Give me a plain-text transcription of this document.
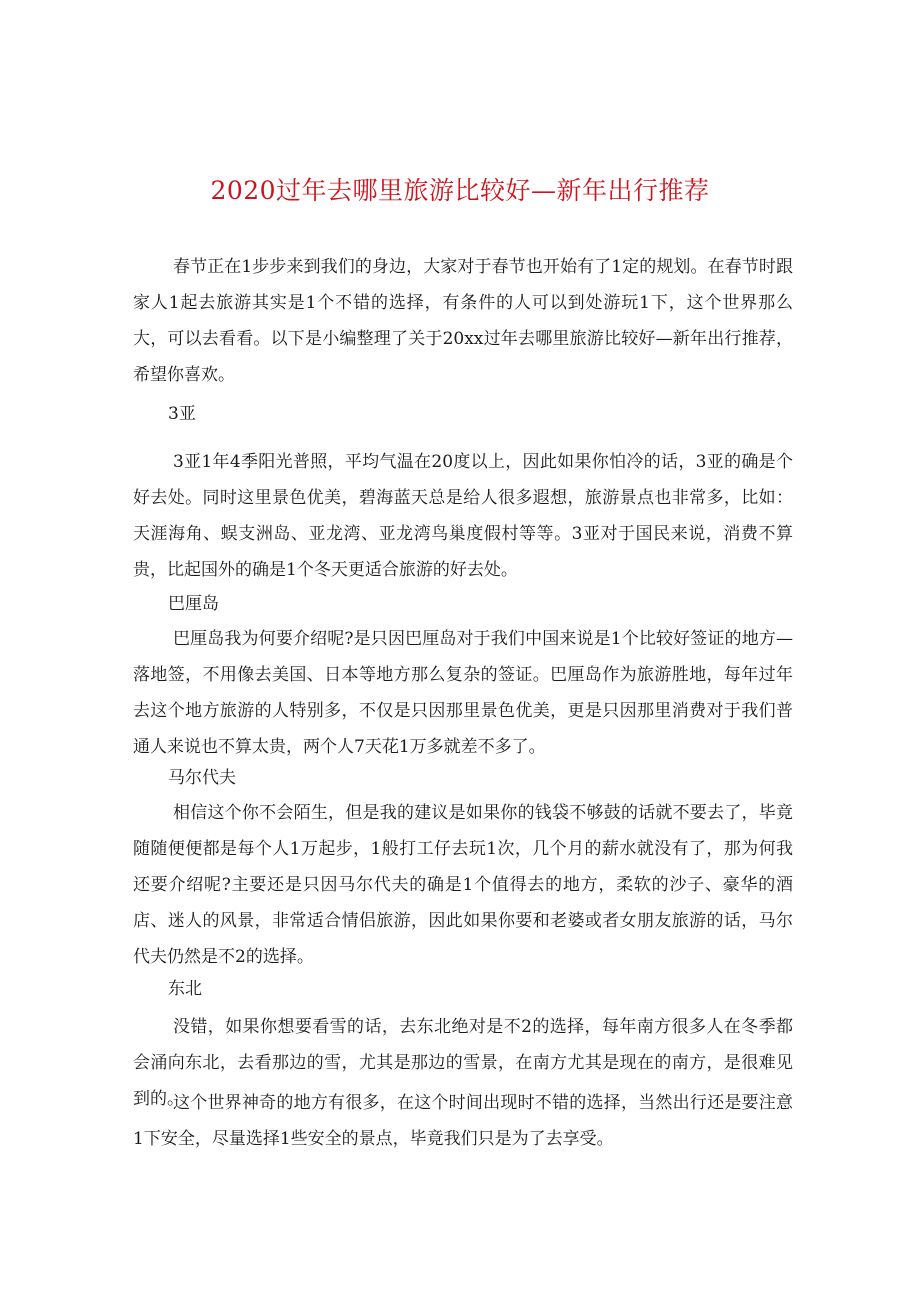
2020过年去哪里旅游比较好—新年出行推荐

春节正在1步步来到我们的身边，大家对于春节也开始有了1定的规划。在春节时跟家人1起去旅游其实是1个不错的选择，有条件的人可以到处游玩1下，这个世界那么大，可以去看看。以下是小编整理了关于20xx过年去哪里旅游比较好—新年出行推荐，希望你喜欢。

3亚

3亚1年4季阳光普照，平均气温在20度以上，因此如果你怕冷的话，3亚的确是个好去处。同时这里景色优美，碧海蓝天总是给人很多遐想，旅游景点也非常多，比如：天涯海角、蜈支洲岛、亚龙湾、亚龙湾鸟巢度假村等等。3亚对于国民来说，消费不算贵，比起国外的确是1个冬天更适合旅游的好去处。

巴厘岛

巴厘岛我为何要介绍呢?是只因巴厘岛对于我们中国来说是1个比较好签证的地方—落地签，不用像去美国、日本等地方那么复杂的签证。巴厘岛作为旅游胜地，每年过年去这个地方旅游的人特别多，不仅是只因那里景色优美，更是只因那里消费对于我们普通人来说也不算太贵，两个人7天花1万多就差不多了。

马尔代夫

相信这个你不会陌生，但是我的建议是如果你的钱袋不够鼓的话就不要去了，毕竟随随便便都是每个人1万起步，1般打工仔去玩1次，几个月的薪水就没有了，那为何我还要介绍呢?主要还是只因马尔代夫的确是1个值得去的地方，柔软的沙子、豪华的酒店、迷人的风景，非常适合情侣旅游，因此如果你要和老婆或者女朋友旅游的话，马尔代夫仍然是不2的选择。

东北

没错，如果你想要看雪的话，去东北绝对是不2的选择，每年南方很多人在冬季都会涌向东北，去看那边的雪，尤其是那边的雪景，在南方尤其是现在的南方，是很难见到的。

这个世界神奇的地方有很多，在这个时间出现时不错的选择，当然出行还是要注意1下安全，尽量选择1些安全的景点，毕竟我们只是为了去享受。
